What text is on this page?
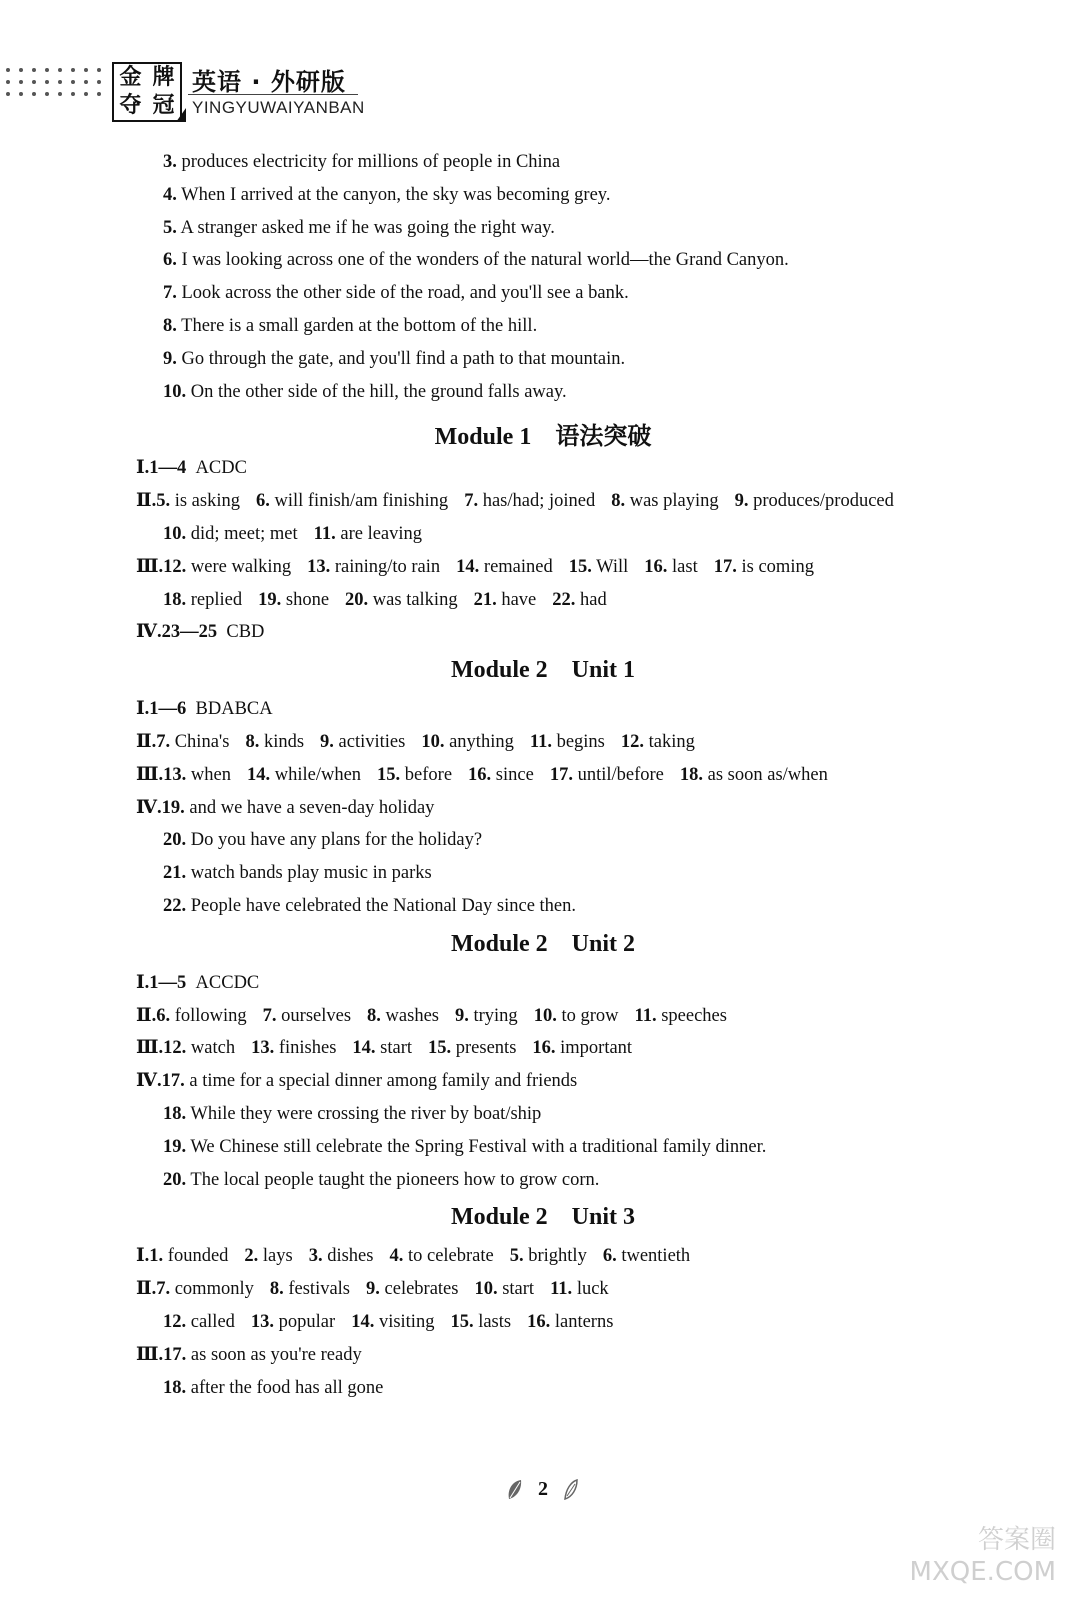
金 牌
夺 冠
英语 · 外研版
YINGYUWAIYANBAN
3. produces electricity for millions of people in China
4. When I arrived at the canyon, the sky was becoming grey.
5. A stranger asked me if he was going the right way.
6. I was looking across one of the wonders of the natural world—the Grand Canyon.
7. Look across the other side of the road, and you'll see a bank.
8. There is a small garden at the bottom of the hill.
9. Go through the gate, and you'll find a path to that mountain.
10. On the other side of the hill, the ground falls away.
Module 1 语法突破
Ⅰ.1—4 ACDC
Ⅱ.5. is asking 6. will finish/am finishing 7. has/had; joined 8. was playing 9. produces/produced
10. did; meet; met 11. are leaving
Ⅲ.12. were walking 13. raining/to rain 14. remained 15. Will 16. last 17. is coming
18. replied 19. shone 20. was talking 21. have 22. had
Ⅳ.23—25 CBD
Module 2    Unit 1
Ⅰ.1—6 BDABCA
Ⅱ.7. China's 8. kinds 9. activities 10. anything 11. begins 12. taking
Ⅲ.13. when 14. while/when 15. before 16. since 17. until/before 18. as soon as/when
Ⅳ.19. and we have a seven-day holiday
20. Do you have any plans for the holiday?
21. watch bands play music in parks
22. People have celebrated the National Day since then.
Module 2    Unit 2
Ⅰ.1—5 ACCDC
Ⅱ.6. following 7. ourselves 8. washes 9. trying 10. to grow 11. speeches
Ⅲ.12. watch 13. finishes 14. start 15. presents 16. important
Ⅳ.17. a time for a special dinner among family and friends
18. While they were crossing the river by boat/ship
19. We Chinese still celebrate the Spring Festival with a traditional family dinner.
20. The local people taught the pioneers how to grow corn.
Module 2    Unit 3
Ⅰ.1. founded 2. lays 3. dishes 4. to celebrate 5. brightly 6. twentieth
Ⅱ.7. commonly 8. festivals 9. celebrates 10. start 11. luck
12. called 13. popular 14. visiting 15. lasts 16. lanterns
Ⅲ.17. as soon as you're ready
18. after the food has all gone
2
答案圈
MXQE.COM
